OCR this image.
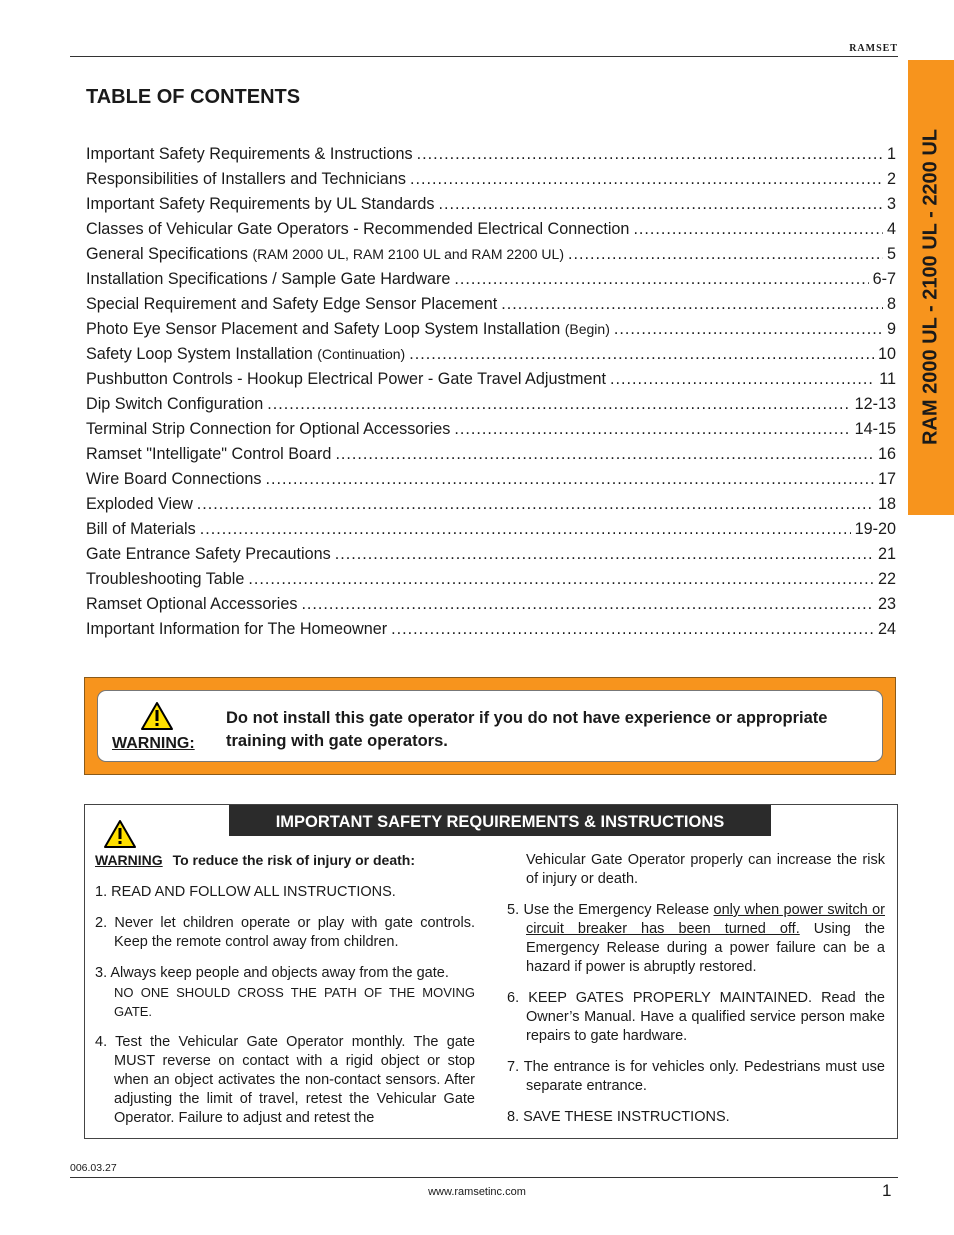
RAMSET
RAM 2000 UL - 2100 UL - 2200 UL
TABLE OF CONTENTS
Important Safety Requirements & Instructions .....	1
Responsibilities of Installers and Technicians .....	2
Important Safety Requirements by UL Standards .....	3
Classes of Vehicular Gate Operators - Recommended Electrical Connection .....	4
General Specifications (RAM 2000 UL, RAM 2100 UL and RAM 2200 UL) .....	5
Installation Specifications / Sample Gate Hardware .....	6-7
Special Requirement and Safety Edge Sensor Placement .....	8
Photo Eye Sensor Placement and Safety Loop System Installation (Begin) .....	9
Safety Loop System Installation (Continuation) .....	10
Pushbutton Controls - Hookup Electrical Power - Gate Travel Adjustment .....	11
Dip Switch Configuration .....	12-13
Terminal Strip Connection for Optional Accessories .....	14-15
Ramset "Intelligate" Control Board .....	16
Wire Board Connections .....	17
Exploded View .....	18
Bill of Materials .....	19-20
Gate Entrance Safety Precautions .....	21
Troubleshooting Table .....	22
Ramset Optional Accessories .....	23
Important Information for The Homeowner .....	24
WARNING:
Do not install this gate operator if you do not have experience or appropriate training with gate operators.
IMPORTANT SAFETY REQUIREMENTS & INSTRUCTIONS
WARNING To reduce the risk of injury or death:
1. READ AND FOLLOW ALL INSTRUCTIONS.
2. Never let children operate or play with gate controls. Keep the remote control away from children.
3. Always keep people and objects away from the gate.
NO ONE SHOULD CROSS THE PATH OF THE MOVING GATE.
4. Test the Vehicular Gate Operator monthly. The gate MUST reverse on contact with a rigid object or stop when an object activates the non-contact sensors. After adjusting the limit of travel, retest the Vehicular Gate Operator. Failure to adjust and retest the
Vehicular Gate Operator properly can increase the risk of injury or death.
5. Use the Emergency Release only when power switch or circuit breaker has been turned off. Using the Emergency Release during a power failure can be a hazard if power is abruptly restored.
6. KEEP GATES PROPERLY MAINTAINED. Read the Owner’s Manual. Have a qualified service person make repairs to gate hardware.
7. The entrance is for vehicles only. Pedestrians must use separate entrance.
8. SAVE THESE INSTRUCTIONS.
006.03.27
www.ramsetinc.com	1
